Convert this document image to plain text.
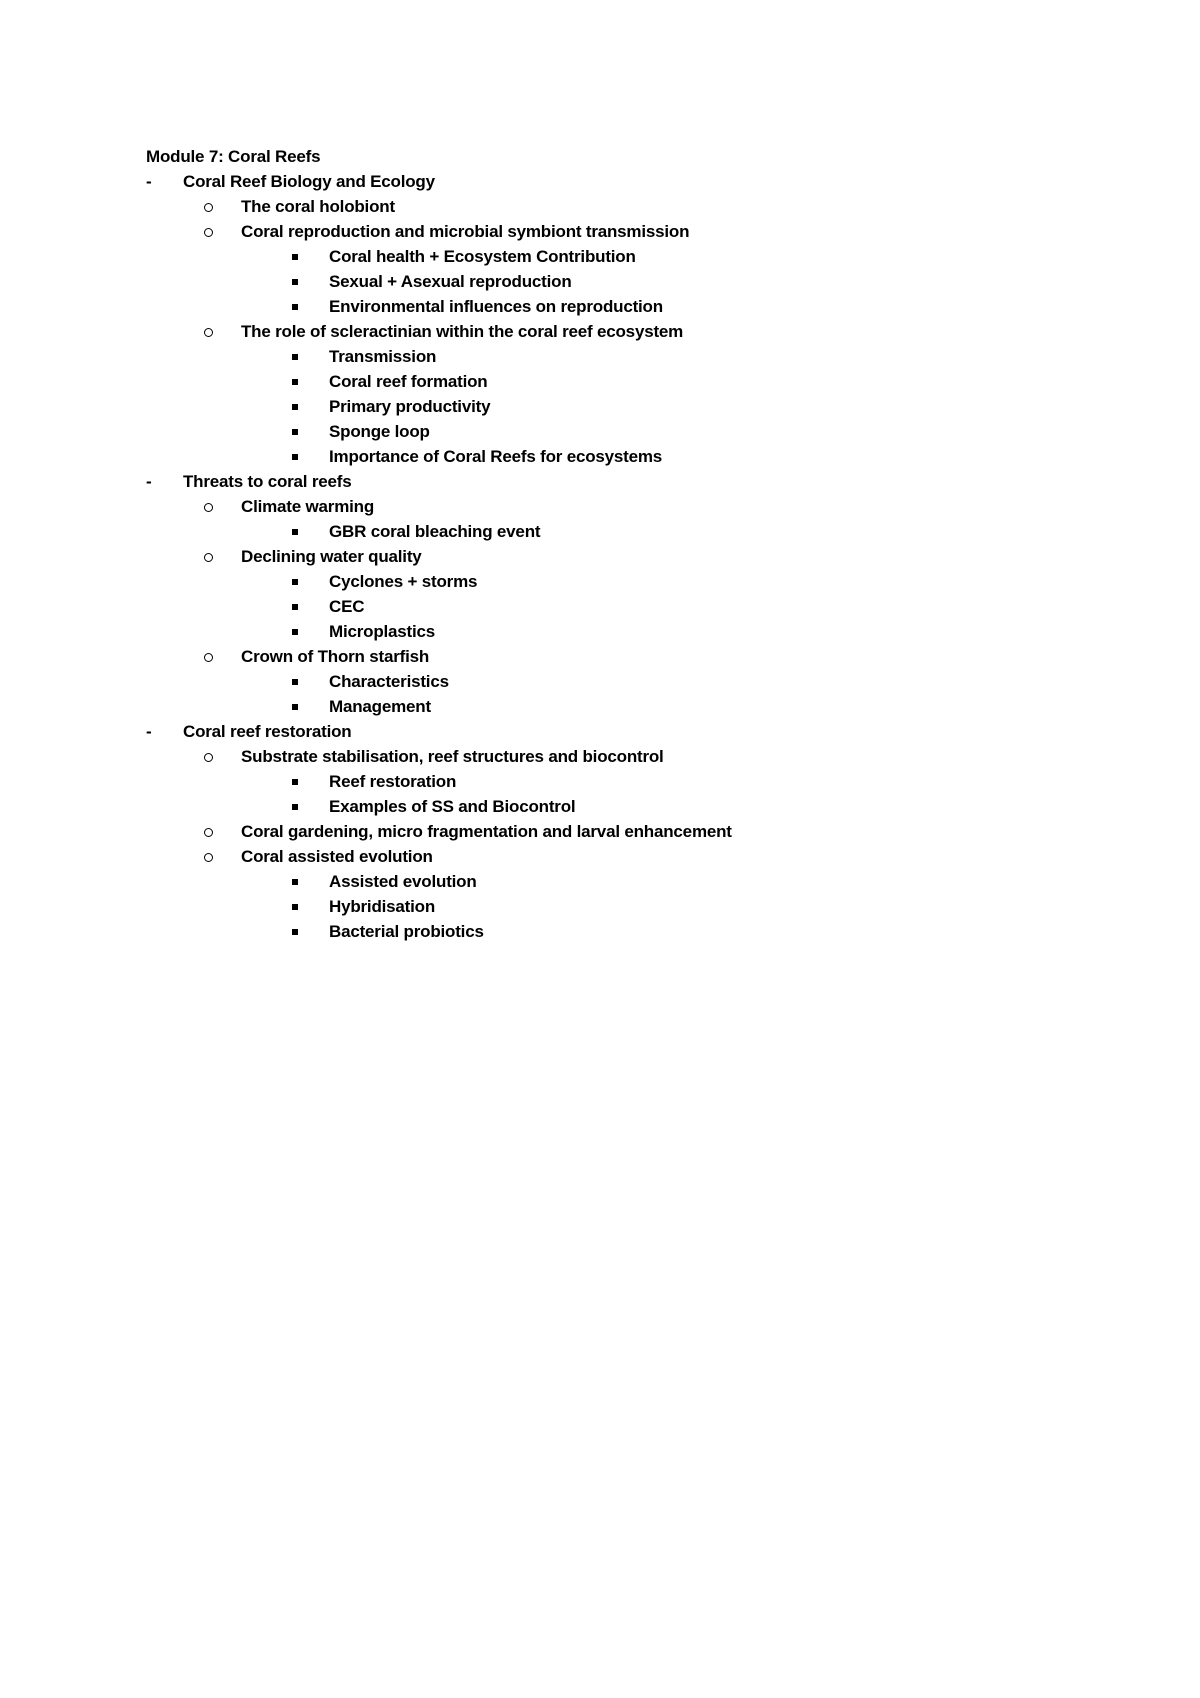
Module 7: Coral Reefs
- Coral Reef Biology and Ecology
The coral holobiont
Coral reproduction and microbial symbiont transmission
Coral health + Ecosystem Contribution
Sexual + Asexual reproduction
Environmental influences on reproduction
The role of scleractinian within the coral reef ecosystem
Transmission
Coral reef formation
Primary productivity
Sponge loop
Importance of Coral Reefs for ecosystems
- Threats to coral reefs
Climate warming
GBR coral bleaching event
Declining water quality
Cyclones + storms
CEC
Microplastics
Crown of Thorn starfish
Characteristics
Management
- Coral reef restoration
Substrate stabilisation, reef structures and biocontrol
Reef restoration
Examples of SS and Biocontrol
Coral gardening, micro fragmentation and larval enhancement
Coral assisted evolution
Assisted evolution
Hybridisation
Bacterial probiotics
